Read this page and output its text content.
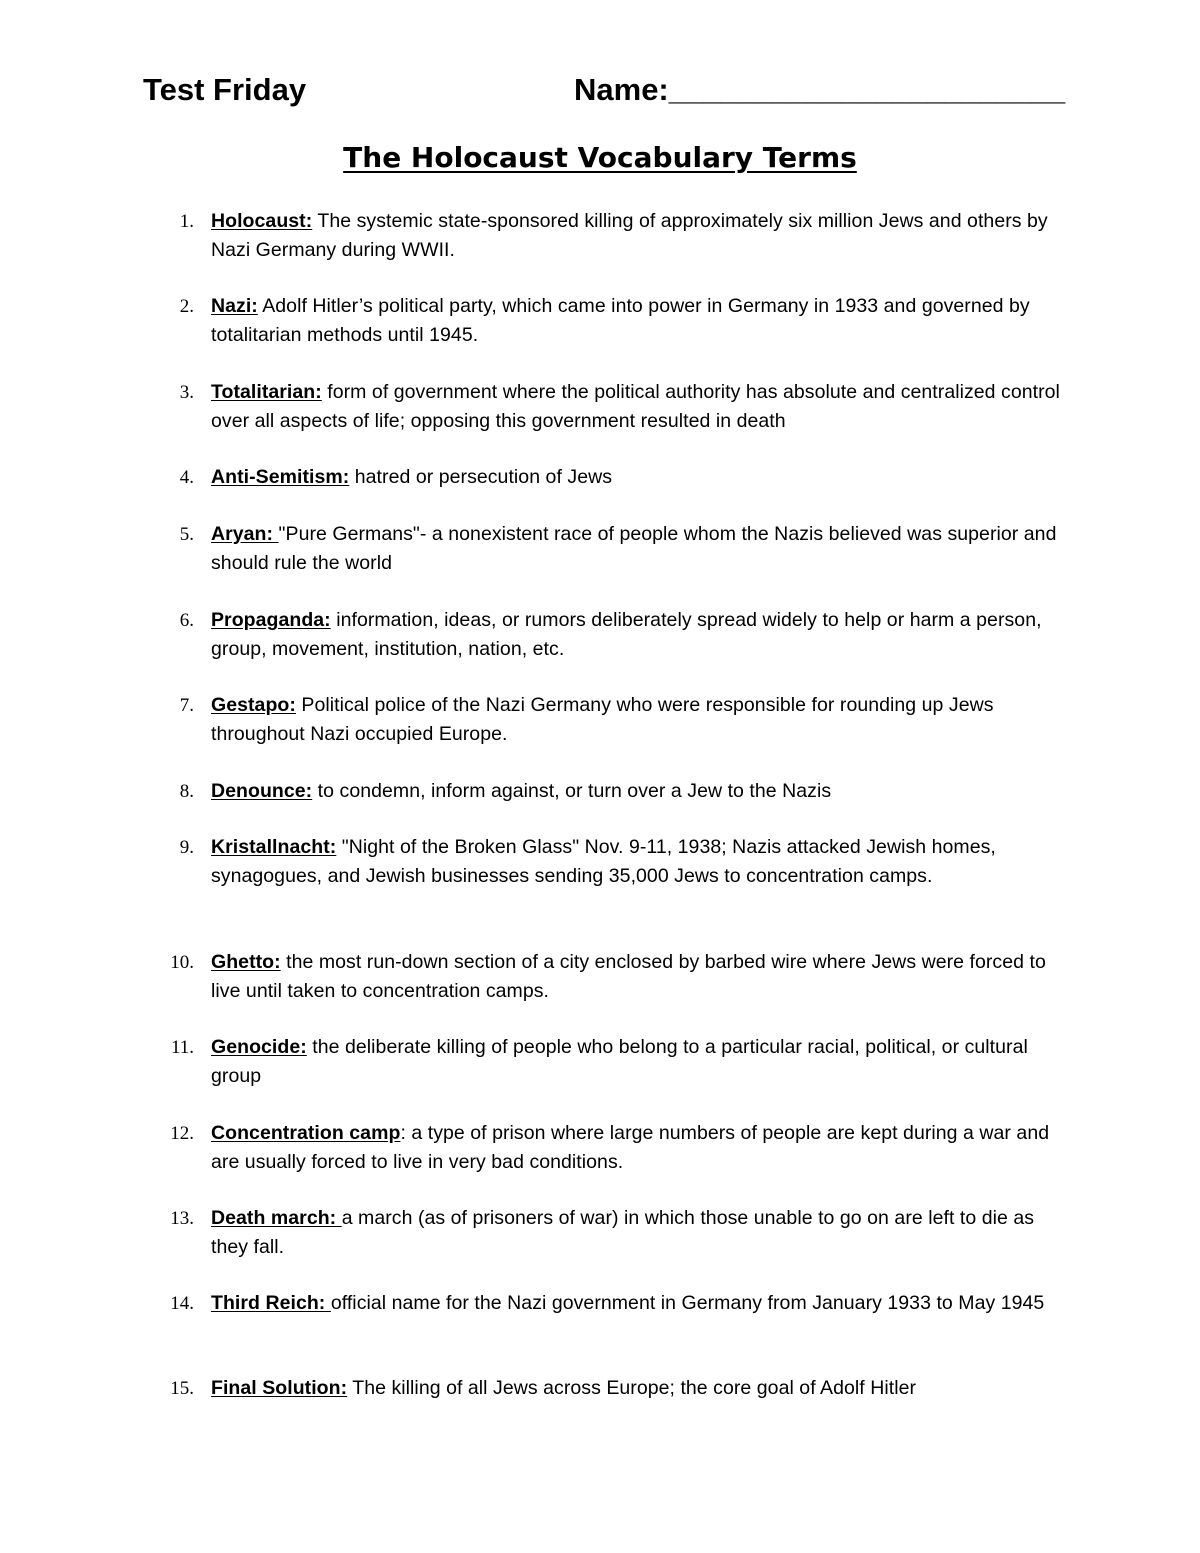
Test Friday	Name:_______________________
The Holocaust Vocabulary Terms
1. Holocaust: The systemic state-sponsored killing of approximately six million Jews and others by Nazi Germany during WWII.
2. Nazi: Adolf Hitler’s political party, which came into power in Germany in 1933 and governed by totalitarian methods until 1945.
3. Totalitarian: form of government where the political authority has absolute and centralized control over all aspects of life; opposing this government resulted in death
4. Anti-Semitism: hatred or persecution of Jews
5. Aryan: "Pure Germans"- a nonexistent race of people whom the Nazis believed was superior and should rule the world
6. Propaganda: information, ideas, or rumors deliberately spread widely to help or harm a person, group, movement, institution, nation, etc.
7. Gestapo: Political police of the Nazi Germany who were responsible for rounding up Jews throughout Nazi occupied Europe.
8. Denounce: to condemn, inform against, or turn over a Jew to the Nazis
9. Kristallnacht: "Night of the Broken Glass" Nov. 9-11, 1938; Nazis attacked Jewish homes, synagogues, and Jewish businesses sending 35,000 Jews to concentration camps.
10. Ghetto: the most run-down section of a city enclosed by barbed wire where Jews were forced to live until taken to concentration camps.
11. Genocide: the deliberate killing of people who belong to a particular racial, political, or cultural group
12. Concentration camp: a type of prison where large numbers of people are kept during a war and are usually forced to live in very bad conditions.
13. Death march: a march (as of prisoners of war) in which those unable to go on are left to die as they fall.
14. Third Reich: official name for the Nazi government in Germany from January 1933 to May 1945
15. Final Solution: The killing of all Jews across Europe; the core goal of Adolf Hitler
